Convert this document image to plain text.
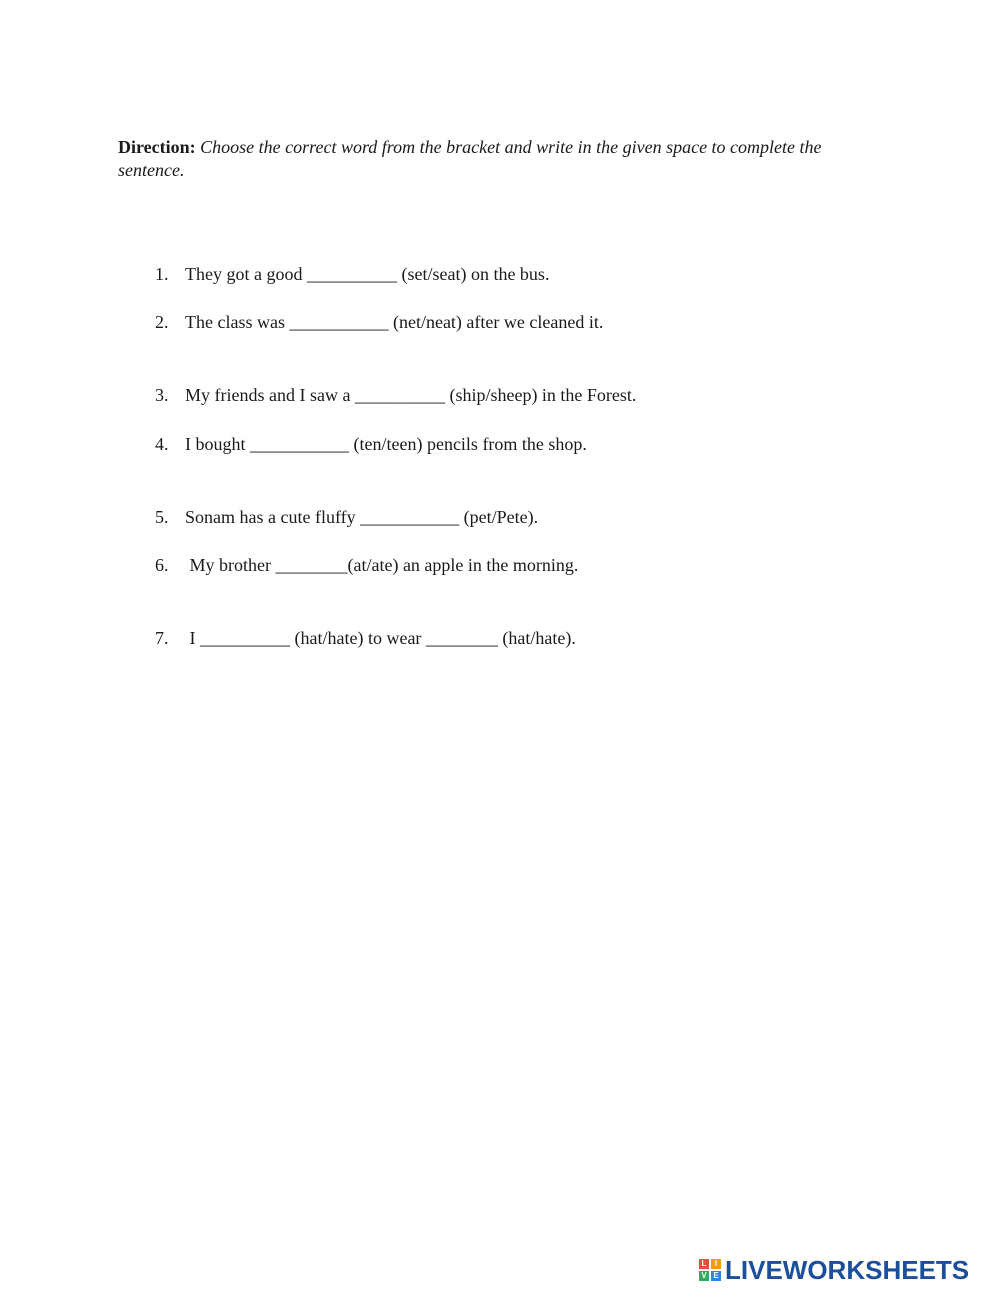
Direction: Choose the correct word from the bracket and write in the given space to complete the sentence.

1. They got a good __________ (set/seat) on the bus.

2. The class was ___________ (net/neat) after we cleaned it.

3. My friends and I saw a __________ (ship/sheep) in the Forest.

4. I bought ___________ (ten/teen) pencils from the shop.

5. Sonam has a cute fluffy ___________ (pet/Pete).

6. My brother ________(at/ate) an apple in the morning.

7. I __________ (hat/hate) to wear ________ (hat/hate).

L	I
V E LIVEWORKSHEETS
